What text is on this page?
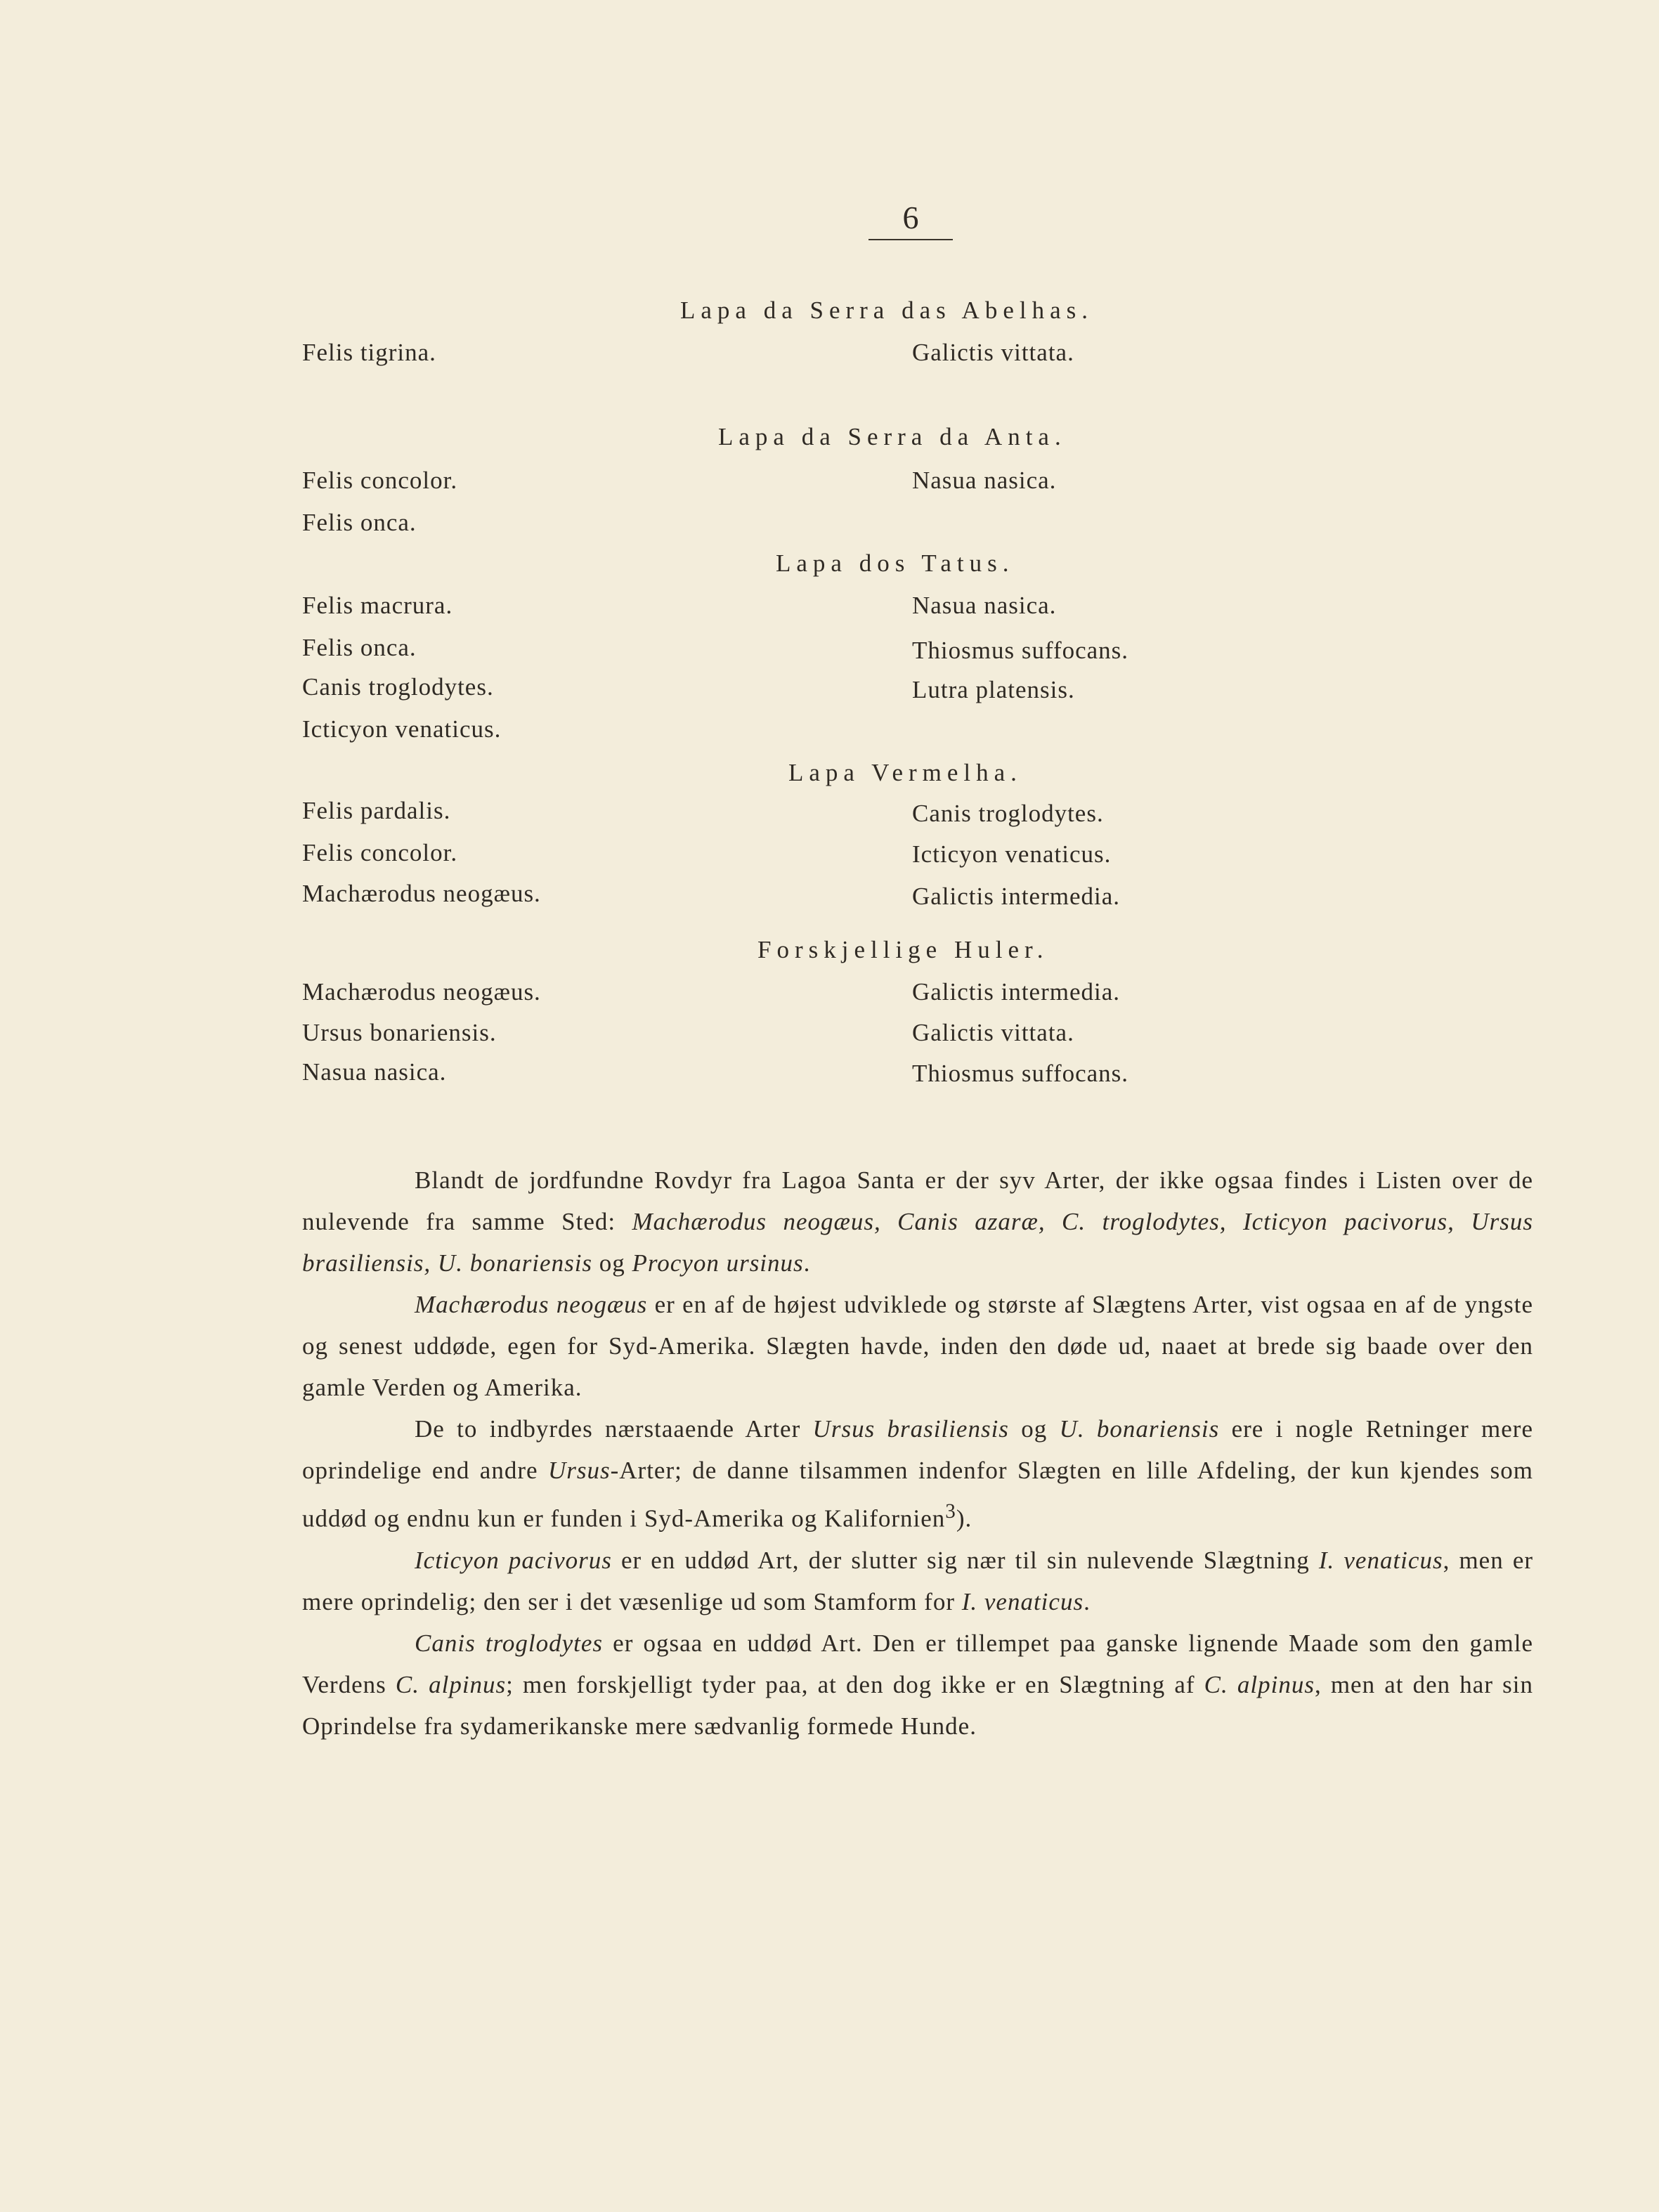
6
Lapa da Serra das Abelhas.
Lapa da Serra da Anta.
Lapa dos Tatus.
Lapa Vermelha.
Forskjellige Huler.
Galictis vittata.
Nasua nasica.
Nasua nasica.
Thiosmus suffocans.
Lutra platensis.
Canis troglodytes.
Icticyon venaticus.
Galictis intermedia.
Galictis intermedia.
Galictis vittata.
Thiosmus suffocans.
Felis tigrina.
Felis concolor.
Felis onca.
Felis macrura.
Felis onca.
Canis troglodytes.
Icticyon venaticus.
Felis pardalis.
Felis concolor.
Machærodus neogæus.
Machærodus neogæus.
Ursus bonariensis.
Nasua nasica.

Blandt de jordfundne Rovdyr fra Lagoa Santa er der syv Arter, der ikke ogsaa findes i Listen over de nulevende fra samme Sted: Machærodus neogæus, Canis azaræ, C. troglodytes, Icticyon pacivorus, Ursus brasiliensis, U. bonariensis og Procyon ursinus.

Machærodus neogæus er en af de højest udviklede og største af Slægtens Arter, vist ogsaa en af de yngste og senest uddøde, egen for Syd-Amerika. Slægten havde, inden den døde ud, naaet at brede sig baade over den gamle Verden og Amerika.

De to indbyrdes nærstaaende Arter Ursus brasiliensis og U. bonariensis ere i nogle Retninger mere oprindelige end andre Ursus-Arter; de danne tilsammen indenfor Slægten en lille Afdeling, der kun kjendes som uddød og endnu kun er funden i Syd-Amerika og Kalifornien$^3$).

Icticyon pacivorus er en uddød Art, der slutter sig nær til sin nulevende Slægtning I. venaticus, men er mere oprindelig; den ser i det væsenlige ud som Stamform for I. venaticus.

Canis troglodytes er ogsaa en uddød Art. Den er tillempet paa ganske lignende Maade som den gamle Verdens C. alpinus; men forskjelligt tyder paa, at den dog ikke er en Slægtning af C. alpinus, men at den har sin Oprindelse fra sydamerikanske mere sædvanlig formede Hunde.
